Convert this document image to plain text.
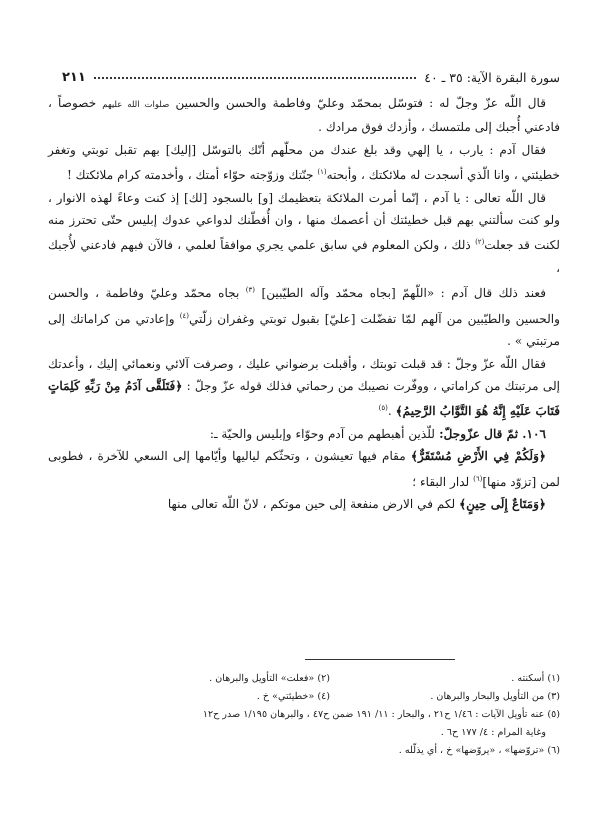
سورة البقرة الآية: ٣٥ ـ ٤٠
٢١١

قال اللّه عزّ وجلّ له : فتوسّل بمحمّد وعليّ وفاطمة والحسن والحسين صلوات الله عليهم خصوصاً ، فادعني أُجبك إلى ملتمسك ، وأزدك فوق مرادك .

فقال آدم : يارب ، يا إلهي وقد بلغ عندك من محلّهم أنّك بالتوسّل [إليك] بهم تقبل توبتي وتغفر خطيئتي ، وانا الّذي أسجدت له ملائكتك ، وأبحته$^{(١)}$ جنّتك وزوّجته حوّاء أمتك ، وأخدمته كرام ملائكتك !

قال اللّه تعالى : يا آدم ، إنّما أمرت الملائكة بتعظيمك [و] بالسجود [لك] إذ كنت وعاءً لهذه الانوار ، ولو كنت سألتني بهم قبل خطيئتك أن أعصمك منها ، وان أُفطّنك لدواعي عدوك إبليس حتّى تحترز منه لكنت قد جعلت$^{(٢)}$ ذلك ، ولكن المعلوم في سابق علمي يجري موافقاً لعلمي ، فالآن فبهم فادعني لأُجبك ،

فعند ذلك قال آدم : «اللّهمّ [بجاه محمّد وآله الطيّبين] $^{(٣)}$ بجاه محمّد وعليّ وفاطمة ، والحسن والحسين والطيّبين من آلهم لمّا تفضّلت [عليّ] بقبول توبتي وغفران زلّتي$^{(٤)}$ وإعادتي من كراماتك إلى مرتبتي » .

فقال اللّه عزّ وجلّ : قد قبلت توبتك ، وأقبلت برضواني عليك ، وصرفت آلائي ونعمائي إليك ، وأعدتك إلى مرتبتك من كراماتي ، ووفّرت نصيبك من رحماتي فذلك قوله عزّ وجلّ : ﴿فَتَلَقَّى آدَمُ مِنْ رَبِّهِ كَلِمَاتٍ فَتَابَ عَلَيْهِ إِنَّهُ هُوَ التَّوَّابُ الرَّحِيمُ﴾ .$^{(٥)}$

١٠٦. ثمّ قال عزّوجلّ: للّذين أهبطهم من آدم وحوّاء وإبليس والحيّة ـ:

﴿وَلَكُمْ فِي الأَرْضِ مُسْتَقَرٌّ﴾ مقام فيها تعيشون ، وتحثّكم لياليها وأيّامها إلى السعي للآخرة ، فطوبى لمن [تزوّد منها]$^{(٦)}$ لدار البقاء ؛

﴿وَمَتَاعٌ إِلَى حِينٍ﴾ لكم في الارض منفعة إلى حين موتكم ، لانّ اللّه تعالى منها

(١) أسكنته .
(٢) «فعلت» التأويل والبرهان .
(٣) من التأويل والبحار والبرهان .
(٤) «خطيئتي» خ .
(٥) عنه تأويل الآيات : ١/٤٦ ح٢١ ، والبحار : ١١/ ١٩١ ضمن ح٤٧ ، والبرهان ١/١٩٥ صدر ح١٢
وغاية المرام : ٤/ ١٧٧ ح٦ .
(٦) «تروّضها» ، «يروّضها» خ ، أي يذلّله .
